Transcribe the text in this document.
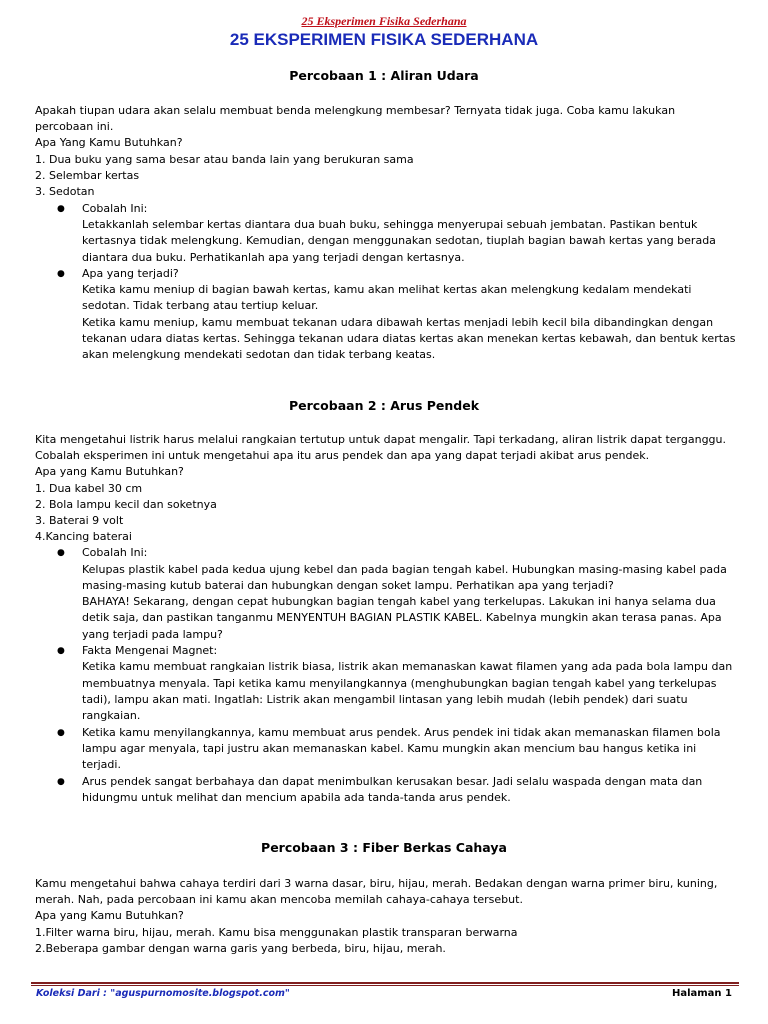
25 Eksperimen Fisika Sederhana
25 EKSPERIMEN FISIKA SEDERHANA
Percobaan 1 : Aliran Udara
Apakah tiupan udara akan selalu membuat benda melengkung membesar? Ternyata tidak juga. Coba kamu lakukan
percobaan ini.
Apa Yang Kamu Butuhkan?
1. Dua buku yang sama besar atau banda lain yang berukuran sama
2. Selembar kertas
3. Sedotan
● Cobalah Ini:
Letakkanlah selembar kertas diantara dua buah buku, sehingga menyerupai sebuah jembatan. Pastikan bentuk
kertasnya tidak melengkung. Kemudian, dengan menggunakan sedotan, tiuplah bagian bawah kertas yang berada
diantara dua buku. Perhatikanlah apa yang terjadi dengan kertasnya.
● Apa yang terjadi?
Ketika kamu meniup di bagian bawah kertas, kamu akan melihat kertas akan melengkung kedalam mendekati
sedotan. Tidak terbang atau tertiup keluar.
Ketika kamu meniup, kamu membuat tekanan udara dibawah kertas menjadi lebih kecil bila dibandingkan dengan
tekanan udara diatas kertas. Sehingga tekanan udara diatas kertas akan menekan kertas kebawah, dan bentuk kertas
akan melengkung mendekati sedotan dan tidak terbang keatas.
Percobaan 2 : Arus Pendek
Kita mengetahui listrik harus melalui rangkaian tertutup untuk dapat mengalir. Tapi terkadang, aliran listrik dapat terganggu.
Cobalah eksperimen ini untuk mengetahui apa itu arus pendek dan apa yang dapat terjadi akibat arus pendek.
Apa yang Kamu Butuhkan?
1. Dua kabel 30 cm
2. Bola lampu kecil dan soketnya
3. Baterai 9 volt
4.Kancing baterai
● Cobalah Ini:
Kelupas plastik kabel pada kedua ujung kebel dan pada bagian tengah kabel. Hubungkan masing-masing kabel pada
masing-masing kutub baterai dan hubungkan dengan soket lampu. Perhatikan apa yang terjadi?
BAHAYA! Sekarang, dengan cepat hubungkan bagian tengah kabel yang terkelupas. Lakukan ini hanya selama dua
detik saja, dan pastikan tanganmu MENYENTUH BAGIAN PLASTIK KABEL. Kabelnya mungkin akan terasa panas. Apa
yang terjadi pada lampu?
● Fakta Mengenai Magnet:
Ketika kamu membuat rangkaian listrik biasa, listrik akan memanaskan kawat filamen yang ada pada bola lampu dan
membuatnya menyala. Tapi ketika kamu menyilangkannya (menghubungkan bagian tengah kabel yang terkelupas
tadi), lampu akan mati. Ingatlah: Listrik akan mengambil lintasan yang lebih mudah (lebih pendek) dari suatu
rangkaian.
● Ketika kamu menyilangkannya, kamu membuat arus pendek. Arus pendek ini tidak akan memanaskan filamen bola
lampu agar menyala, tapi justru akan memanaskan kabel. Kamu mungkin akan mencium bau hangus ketika ini
terjadi.
● Arus pendek sangat berbahaya dan dapat menimbulkan kerusakan besar. Jadi selalu waspada dengan mata dan
hidungmu untuk melihat dan mencium apabila ada tanda-tanda arus pendek.
Percobaan 3 : Fiber Berkas Cahaya
Kamu mengetahui bahwa cahaya terdiri dari 3 warna dasar, biru, hijau, merah. Bedakan dengan warna primer biru, kuning,
merah. Nah, pada percobaan ini kamu akan mencoba memilah cahaya-cahaya tersebut.
Apa yang Kamu Butuhkan?
1.Filter warna biru, hijau, merah. Kamu bisa menggunakan plastik transparan berwarna
2.Beberapa gambar dengan warna garis yang berbeda, biru, hijau, merah.
Koleksi Dari : "aguspurnomosite.blogspot.com"	Halaman 1
